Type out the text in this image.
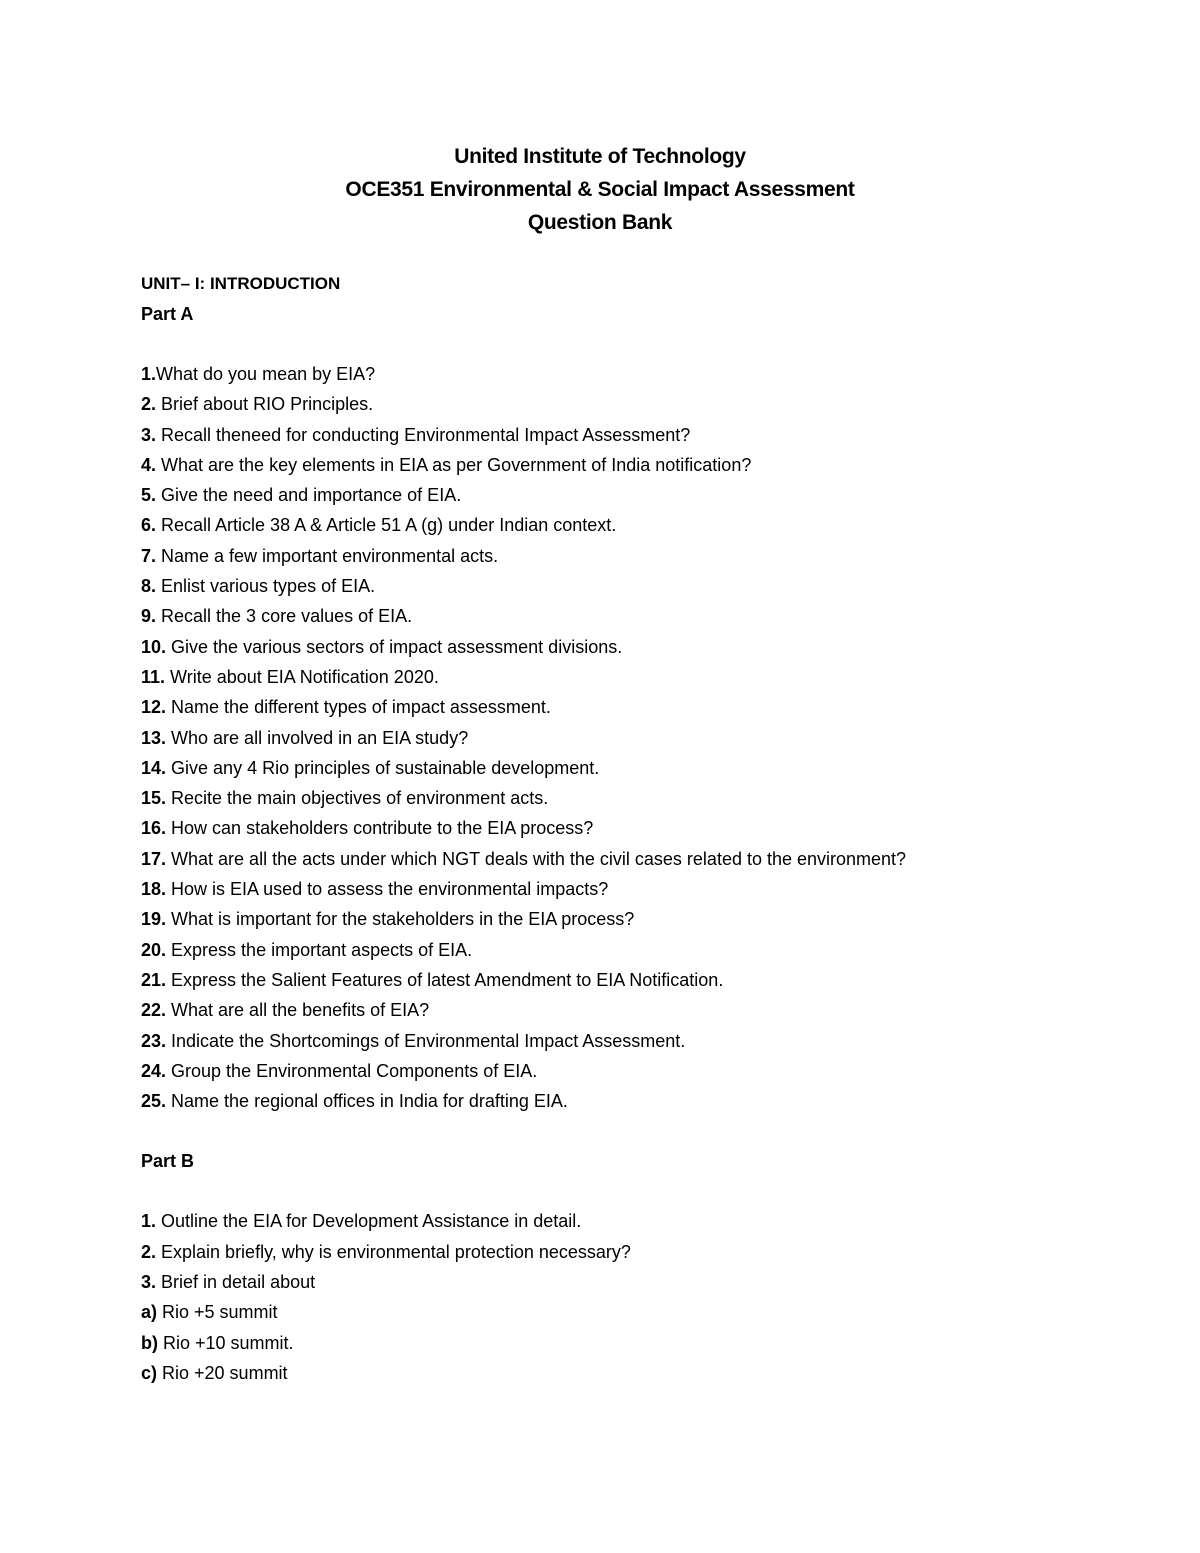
United Institute of Technology
OCE351 Environmental & Social Impact Assessment
Question Bank
UNIT– I: INTRODUCTION
Part A
1.What do you mean by EIA?
2. Brief about RIO Principles.
3. Recall theneed for conducting Environmental Impact Assessment?
4. What are the key elements in EIA as per Government of India notification?
5. Give the need and importance of EIA.
6. Recall Article 38 A & Article 51 A (g) under Indian context.
7. Name a few important environmental acts.
8. Enlist various types of EIA.
9. Recall the 3 core values of EIA.
10. Give the various sectors of impact assessment divisions.
11. Write about EIA Notification 2020.
12. Name the different types of impact assessment.
13. Who are all involved in an EIA study?
14. Give any 4 Rio principles of sustainable development.
15. Recite the main objectives of environment acts.
16. How can stakeholders contribute to the EIA process?
17. What are all the acts under which NGT deals with the civil cases related to the environment?
18. How is EIA used to assess the environmental impacts?
19. What is important for the stakeholders in the EIA process?
20. Express the important aspects of EIA.
21. Express the Salient Features of latest Amendment to EIA Notification.
22. What are all the benefits of EIA?
23. Indicate the Shortcomings of Environmental Impact Assessment.
24. Group the Environmental Components of EIA.
25. Name the regional offices in India for drafting EIA.
Part B
1. Outline the EIA for Development Assistance in detail.
2. Explain briefly, why is environmental protection necessary?
3. Brief in detail about
a) Rio +5 summit
b) Rio +10 summit.
c) Rio +20 summit
